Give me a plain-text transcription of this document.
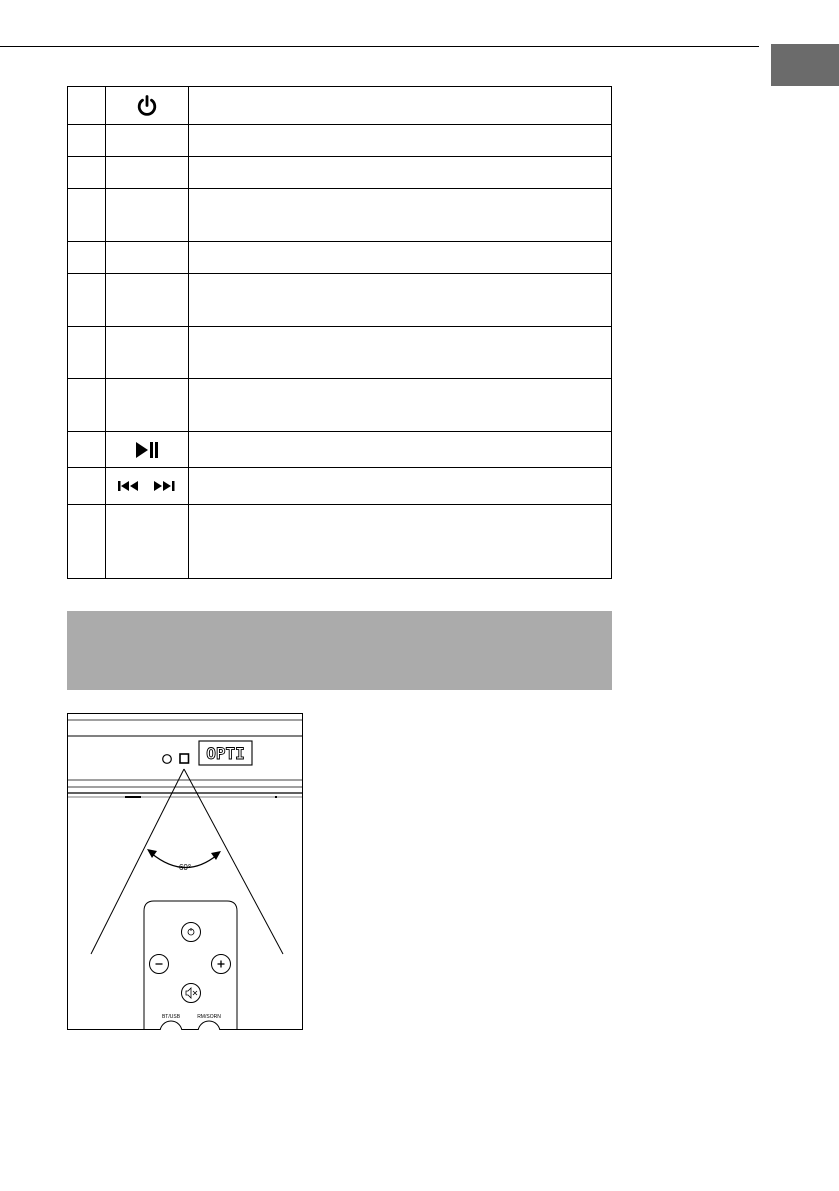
OPTI
60°
BT/USB	RM/SORN
